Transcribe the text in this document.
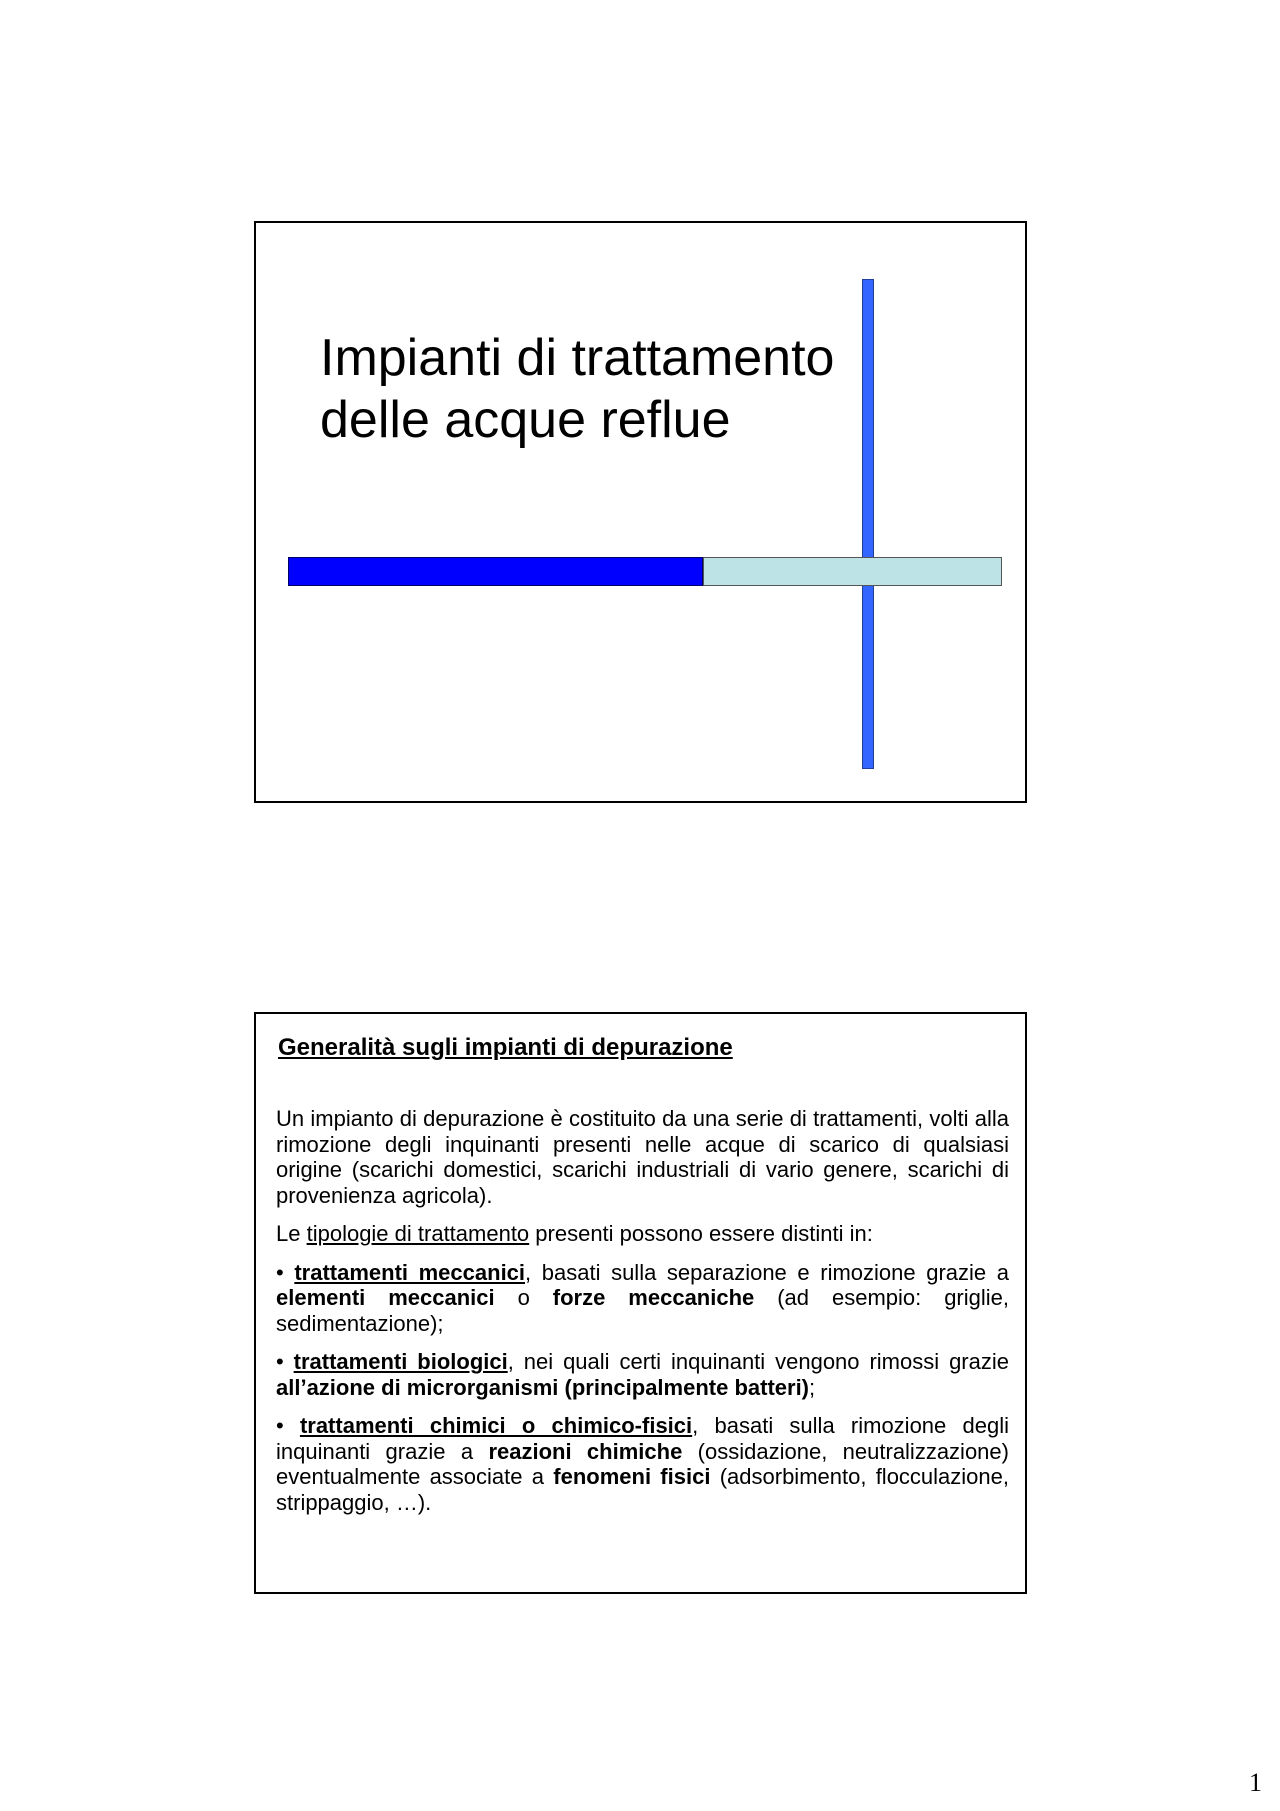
Impianti di trattamento
delle acque reflue
Generalità sugli impianti di depurazione

Un impianto di depurazione è costituito da una serie di trattamenti, volti alla rimozione degli inquinanti presenti nelle acque di scarico di qualsiasi origine (scarichi domestici, scarichi industriali di vario genere, scarichi di provenienza agricola).

Le tipologie di trattamento presenti possono essere distinti in:

• trattamenti meccanici, basati sulla separazione e rimozione grazie a elementi meccanici o forze meccaniche (ad esempio: griglie, sedimentazione);

• trattamenti biologici, nei quali certi inquinanti vengono rimossi grazie all’azione di microrganismi (principalmente batteri);

• trattamenti chimici o chimico-fisici, basati sulla rimozione degli inquinanti grazie a reazioni chimiche (ossidazione, neutralizzazione) eventualmente associate a fenomeni fisici (adsorbimento, flocculazione, strippaggio, …).

1
